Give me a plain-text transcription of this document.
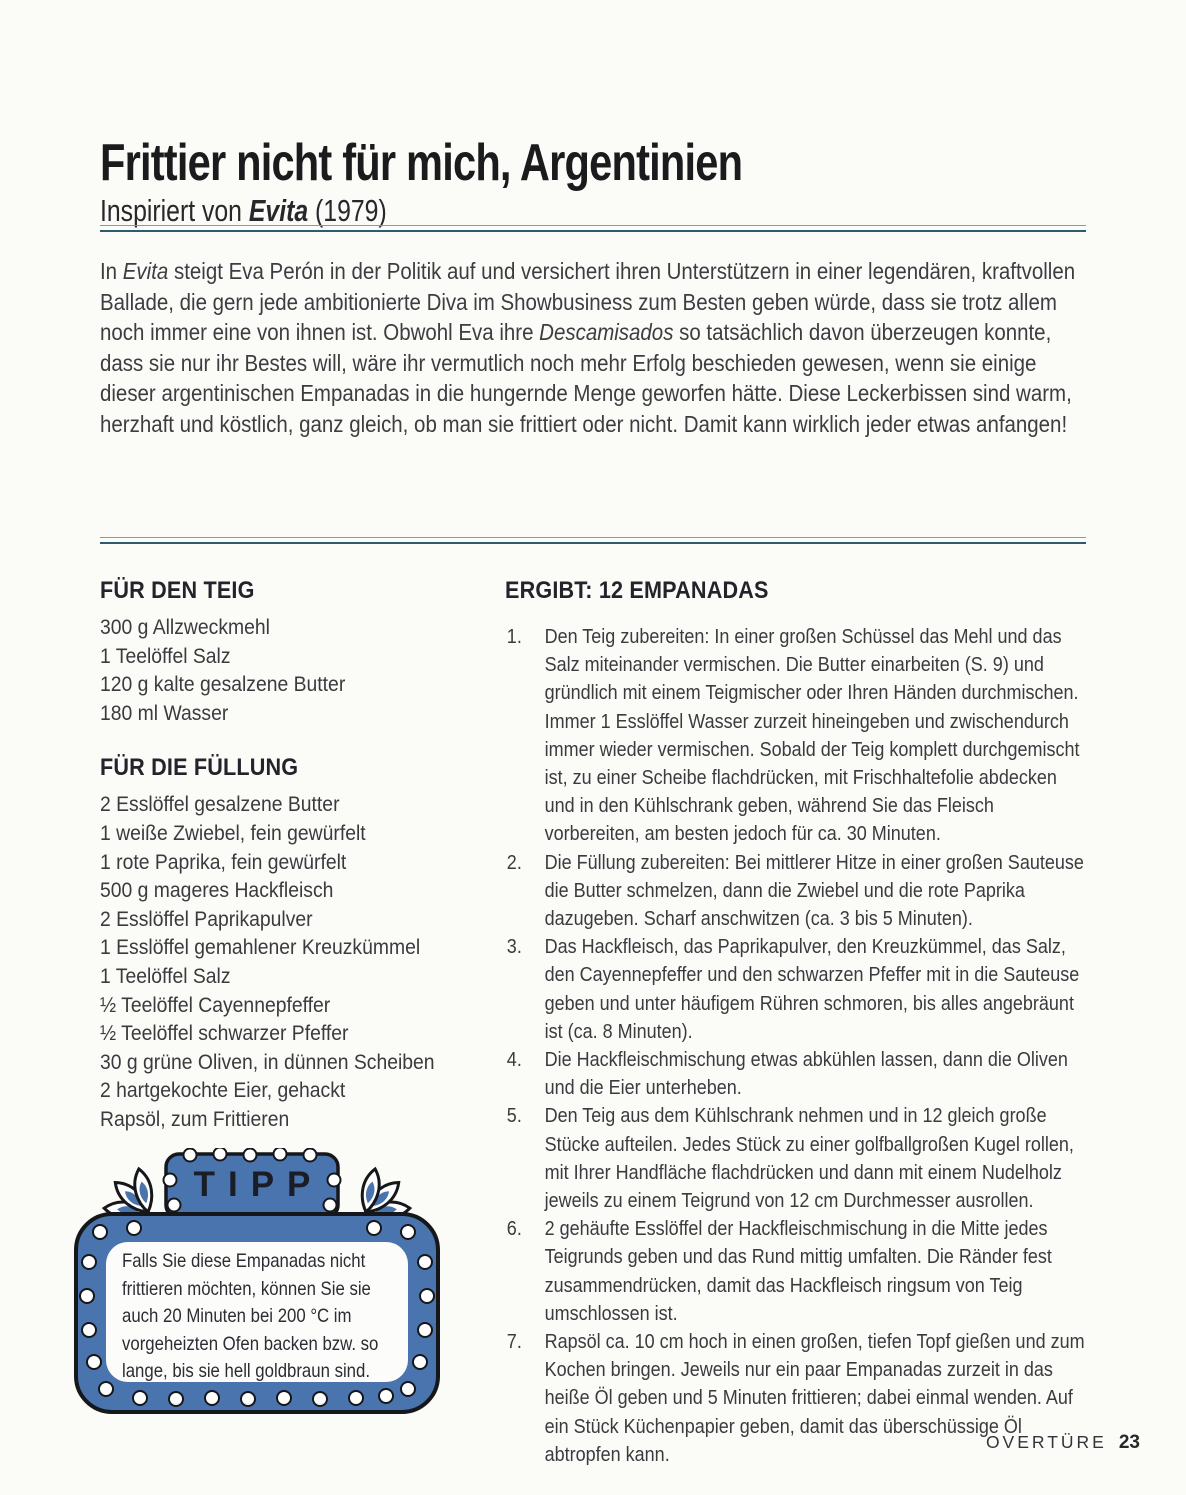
Frittier nicht für mich, Argentinien

Inspiriert von Evita (1979)

In Evita steigt Eva Perón in der Politik auf und versichert ihren Unterstützern in einer legendären, kraftvollen Ballade, die gern jede ambitionierte Diva im Showbusiness zum Besten geben würde, dass sie trotz allem noch immer eine von ihnen ist. Obwohl Eva ihre Descamisados so tatsächlich davon überzeugen konnte, dass sie nur ihr Bestes will, wäre ihr vermutlich noch mehr Erfolg beschieden gewesen, wenn sie einige dieser argentinischen Empanadas in die hungernde Menge geworfen hätte. Diese Leckerbissen sind warm, herzhaft und köstlich, ganz gleich, ob man sie frittiert oder nicht. Damit kann wirklich jeder etwas anfangen!

FÜR DEN TEIG
300 g Allzweckmehl
1 Teelöffel Salz
120 g kalte gesalzene Butter
180 ml Wasser
FÜR DIE FÜLLUNG
2 Esslöffel gesalzene Butter
1 weiße Zwiebel, fein gewürfelt
1 rote Paprika, fein gewürfelt
500 g mageres Hackfleisch
2 Esslöffel Paprikapulver
1 Esslöffel gemahlener Kreuzkümmel
1 Teelöffel Salz
½ Teelöffel Cayennepfeffer
½ Teelöffel schwarzer Pfeffer
30 g grüne Oliven, in dünnen Scheiben
2 hartgekochte Eier, gehackt
Rapsöl, zum Frittieren
ERGIBT: 12 EMPANADAS
Den Teig zubereiten: In einer großen Schüssel das Mehl und das Salz miteinander vermischen. Die Butter einarbeiten (S. 9) und gründlich mit einem Teigmischer oder Ihren Händen durchmischen. Immer 1 Esslöffel Wasser zurzeit hineingeben und zwischendurch immer wieder vermischen. Sobald der Teig komplett durchgemischt ist, zu einer Scheibe flachdrücken, mit Frischhaltefolie abdecken und in den Kühlschrank geben, während Sie das Fleisch vorbereiten, am besten jedoch für ca. 30 Minuten.
Die Füllung zubereiten: Bei mittlerer Hitze in einer großen Sauteuse die Butter schmelzen, dann die Zwiebel und die rote Paprika dazugeben. Scharf anschwitzen (ca. 3 bis 5 Minuten).
Das Hackfleisch, das Paprikapulver, den Kreuzkümmel, das Salz, den Cayennepfeffer und den schwarzen Pfeffer mit in die Sauteuse geben und unter häufigem Rühren schmoren, bis alles angebräunt ist (ca. 8 Minuten).
Die Hackfleischmischung etwas abkühlen lassen, dann die Oliven und die Eier unterheben.
Den Teig aus dem Kühlschrank nehmen und in 12 gleich große Stücke aufteilen. Jedes Stück zu einer golfballgroßen Kugel rollen, mit Ihrer Handfläche flachdrücken und dann mit einem Nudelholz jeweils zu einem Teigrund von 12 cm Durchmesser ausrollen.
2 gehäufte Esslöffel der Hackfleischmischung in die Mitte jedes Teigrunds geben und das Rund mittig umfalten. Die Ränder fest zusammendrücken, damit das Hackfleisch ringsum von Teig umschlossen ist.
Rapsöl ca. 10 cm hoch in einen großen, tiefen Topf gießen und zum Kochen bringen. Jeweils nur ein paar Empanadas zurzeit in das heiße Öl geben und 5 Minuten frittieren; dabei einmal wenden. Auf ein Stück Küchenpapier geben, damit das überschüssige Öl abtropfen kann.
TIPP
Falls Sie diese Empanadas nicht frittieren möchten, können Sie sie auch 20 Minuten bei 200 °C im vorgeheizten Ofen backen bzw. so lange, bis sie hell goldbraun sind.
OVERTÜRE 23
